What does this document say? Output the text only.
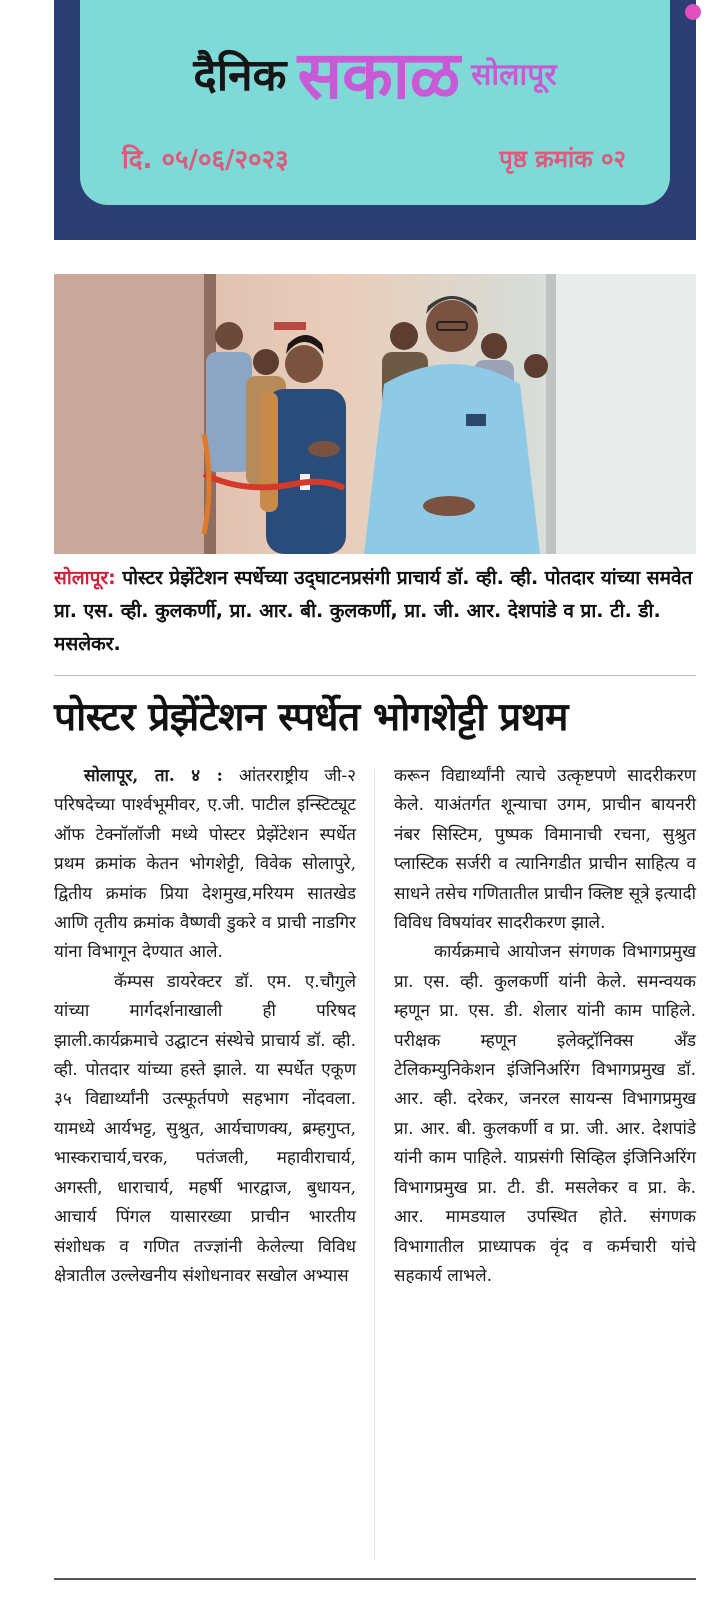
दैनिक सकाळ सोलापूर
दि. ०५/०६/२०२३	पृष्ठ क्रमांक ०२
सोलापूर: पोस्टर प्रेझेंटेशन स्पर्धेच्या उद्‌घाटनप्रसंगी प्राचार्य डॉ. व्ही. व्ही. पोतदार यांच्या समवेत प्रा. एस. व्ही. कुलकर्णी, प्रा. आर. बी. कुलकर्णी, प्रा. जी. आर. देशपांडे व प्रा. टी. डी. मसलेकर.
पोस्टर प्रेझेंटेशन स्पर्धेत भोगशेट्टी प्रथम

सोलापूर, ता. ४ : आंतरराष्ट्रीय जी-२ परिषदेच्या पार्श्वभूमीवर, ए.जी. पाटील इन्स्टिट्यूट ऑफ टेक्नॉलॉजी मध्ये पोस्टर प्रेझेंटेशन स्पर्धेत प्रथम क्रमांक केतन भोगशेट्टी, विवेक सोलापुरे, द्वितीय क्रमांक प्रिया देशमुख,मरियम सातखेड आणि तृतीय क्रमांक वैष्णवी डुकरे व प्राची नाडगिर यांना विभागून देण्यात आले.

कॅम्पस डायरेक्टर डॉ. एम. ए.चौगुले यांच्या मार्गदर्शनाखाली ही परिषद झाली.कार्यक्रमाचे उद्घाटन संस्थेचे प्राचार्य डॉ. व्ही. व्ही. पोतदार यांच्या हस्ते झाले. या स्पर्धेत एकूण ३५ विद्यार्थ्यांनी उत्स्फूर्तपणे सहभाग नोंदवला. यामध्ये आर्यभट्ट, सुश्रुत, आर्यचाणक्य, ब्रम्हगुप्त, भास्कराचार्य,चरक, पतंजली, महावीराचार्य, अगस्ती, धाराचार्य, महर्षी भारद्वाज, बुधायन, आचार्य पिंगल यासारख्या प्राचीन भारतीय संशोधक व गणित तज्ज्ञांनी केलेल्या विविध क्षेत्रातील उल्लेखनीय संशोधनावर सखोल अभ्यास

करून विद्यार्थ्यांनी त्याचे उत्कृष्टपणे सादरीकरण केले. याअंतर्गत शून्याचा उगम, प्राचीन बायनरी नंबर सिस्टिम, पुष्पक विमानाची रचना, सुश्रुत प्लास्टिक सर्जरी व त्यानिगडीत प्राचीन साहित्य व साधने तसेच गणितातील प्राचीन क्लिष्ट सूत्रे इत्यादी विविध विषयांवर सादरीकरण झाले.

कार्यक्रमाचे आयोजन संगणक विभागप्रमुख प्रा. एस. व्ही. कुलकर्णी यांनी केले. समन्वयक म्हणून प्रा. एस. डी. शेलार यांनी काम पाहिले. परीक्षक म्हणून इलेक्ट्रॉनिक्स अँड टेलिकम्युनिकेशन इंजिनिअरिंग विभागप्रमुख डॉ. आर. व्ही. दरेकर, जनरल सायन्स विभागप्रमुख प्रा. आर. बी. कुलकर्णी व प्रा. जी. आर. देशपांडे यांनी काम पाहिले. याप्रसंगी सिव्हिल इंजिनिअरिंग विभागप्रमुख प्रा. टी. डी. मसलेकर व प्रा. के. आर. मामडयाल उपस्थित होते. संगणक विभागातील प्राध्यापक वृंद व कर्मचारी यांचे सहकार्य लाभले.
